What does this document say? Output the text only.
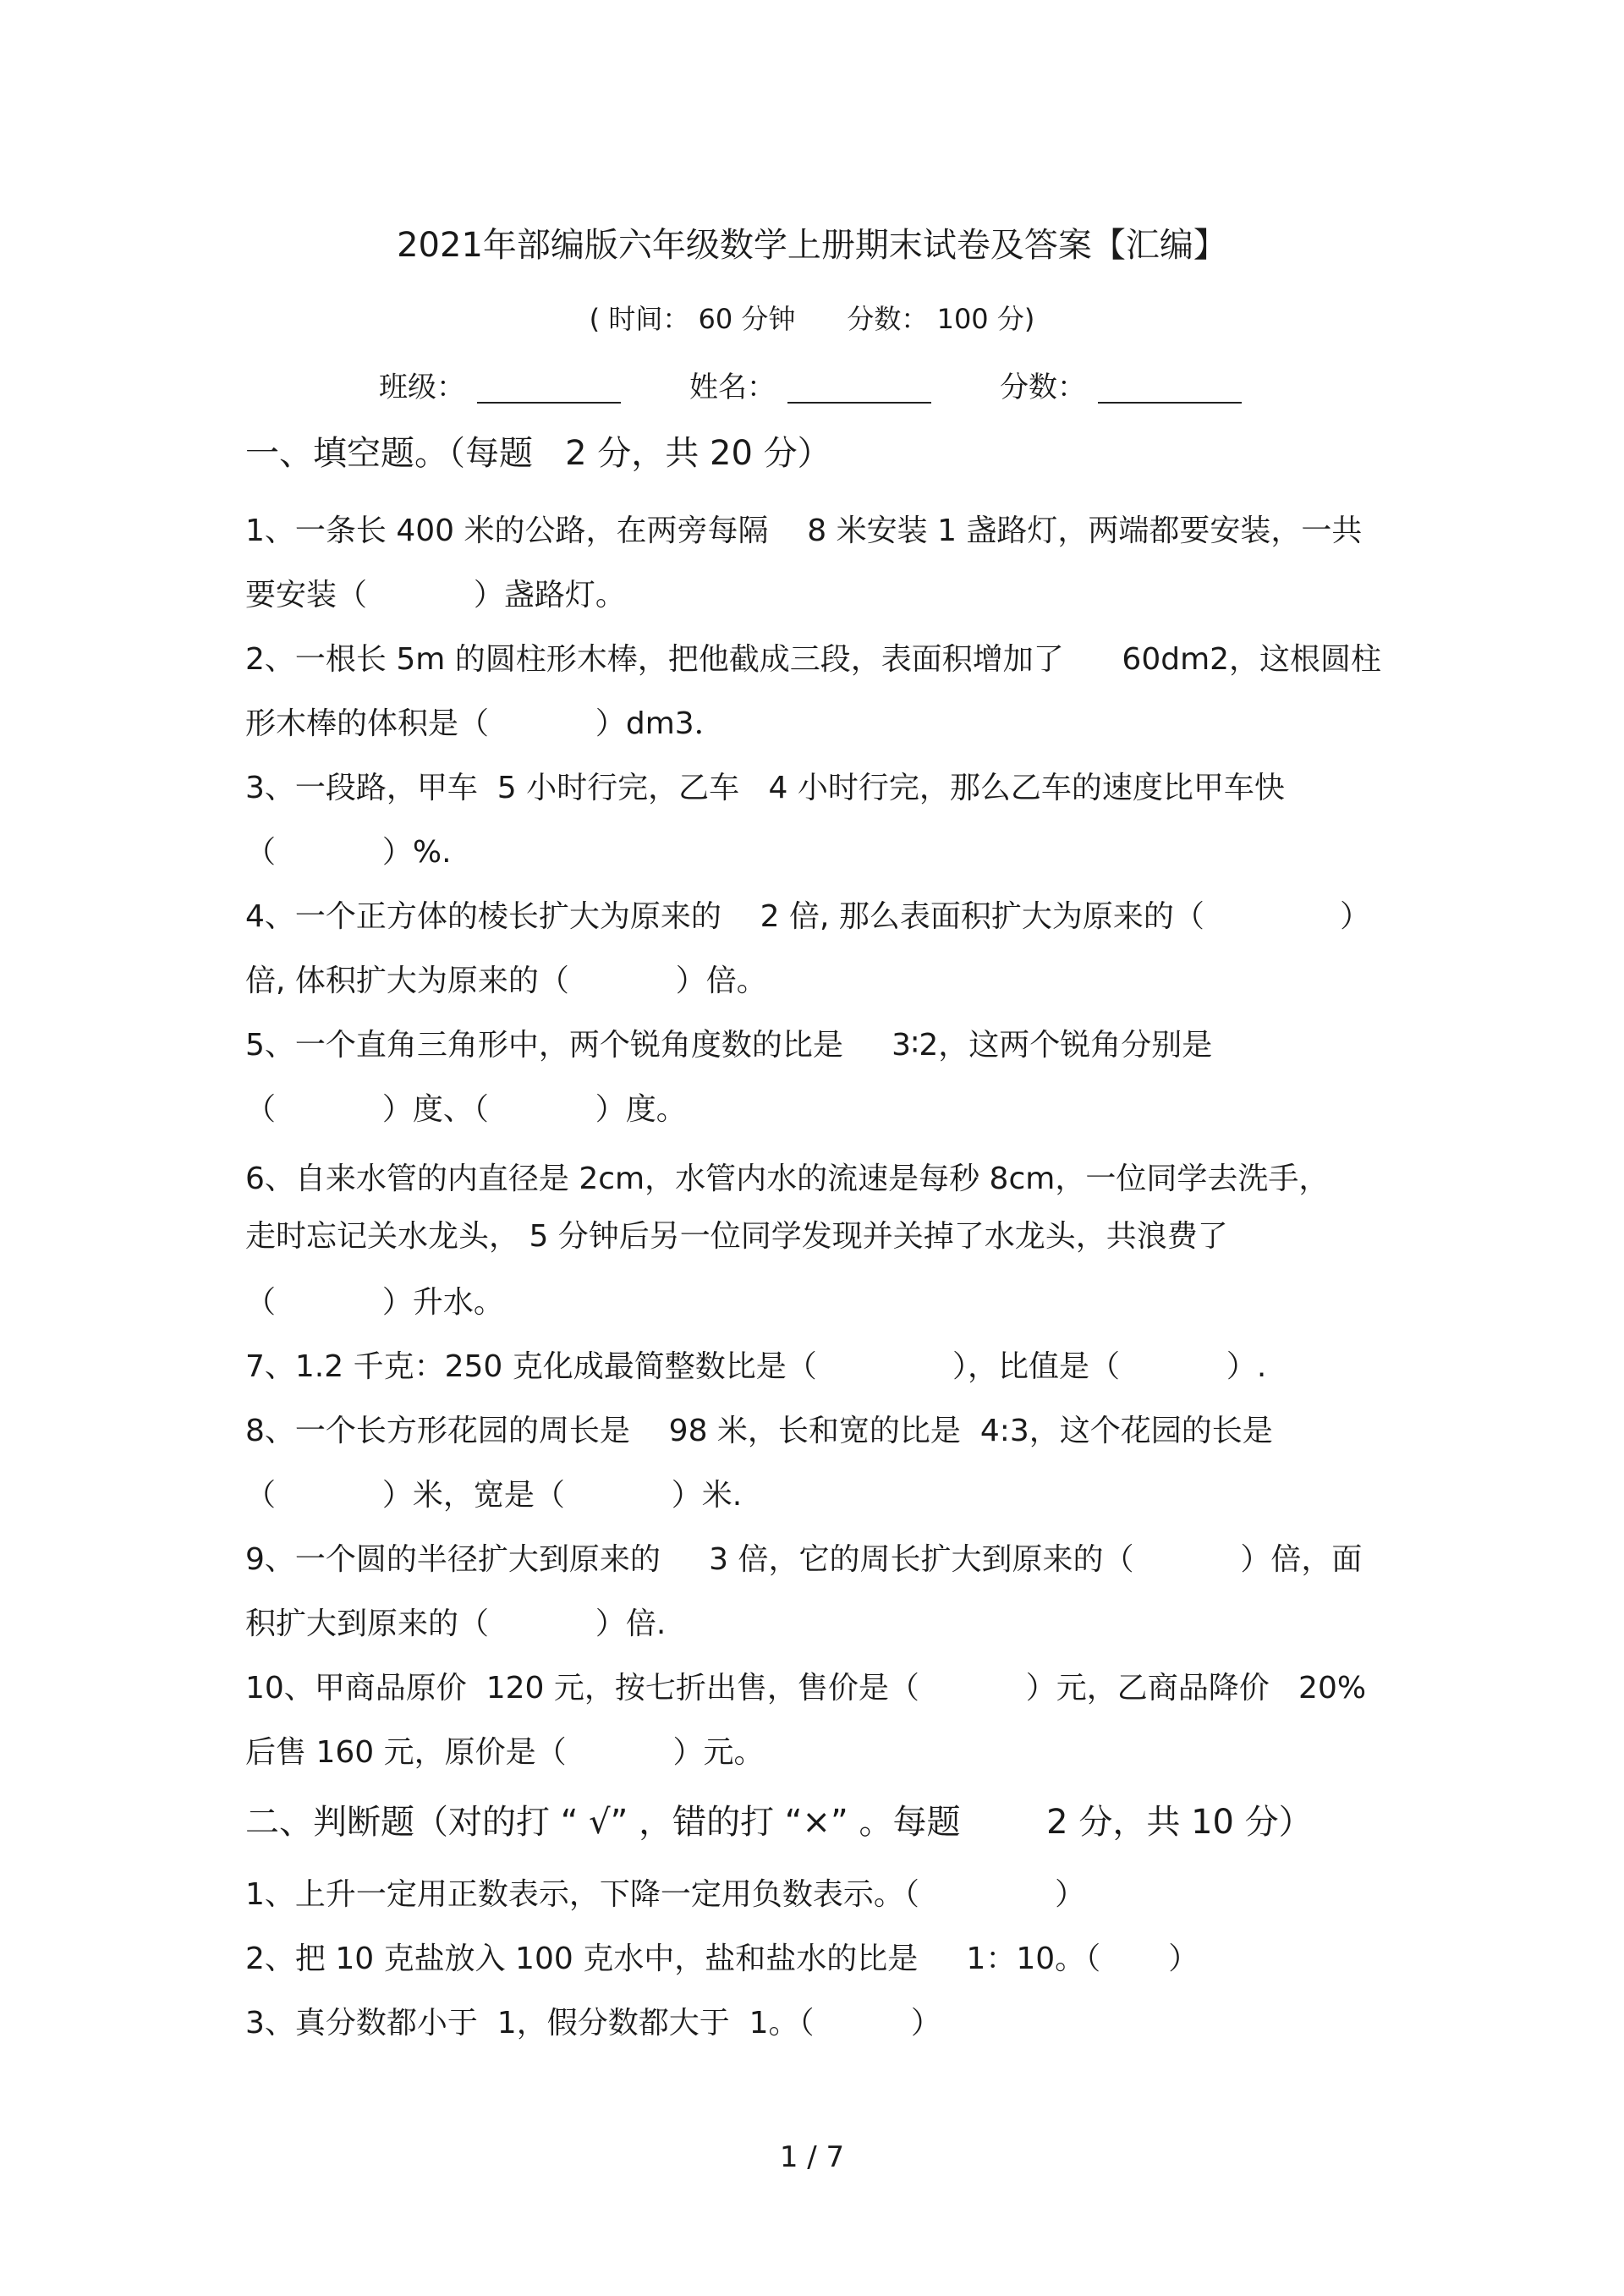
2021年部编版六年级数学上册期末试卷及答案【汇编】
( 时间： 60 分钟      分数： 100 分)
班级：	姓名：	分数：
一、填空题。（每题   2 分，共 20 分）
1、一条长 400 米的公路，在两旁每隔    8 米安装 1 盏路灯，两端都要安装，一共
要安装（           ）盏路灯。
2、一根长 5m 的圆柱形木棒，把他截成三段，表面积增加了      60dm2，这根圆柱
形木棒的体积是（           ）dm3．
3、一段路，甲车  5 小时行完，乙车   4 小时行完，那么乙车的速度比甲车快
（           ）%.
4、一个正方体的棱长扩大为原来的    2 倍, 那么表面积扩大为原来的（              ）
倍, 体积扩大为原来的（           ）倍。
5、一个直角三角形中，两个锐角度数的比是     3∶2，这两个锐角分别是
（           ）度、（           ）度。
6、自来水管的内直径是 2cm，水管内水的流速是每秒 8cm，一位同学去洗手，
走时忘记关水龙头， 5 分钟后另一位同学发现并关掉了水龙头，共浪费了
（           ）升水。
7、1.2 千克：250 克化成最简整数比是（              ），比值是（           ）.
8、一个长方形花园的周长是    98 米，长和宽的比是  4:3，这个花园的长是
（           ）米，宽是（           ）米.
9、一个圆的半径扩大到原来的     3 倍，它的周长扩大到原来的（           ）倍，面
积扩大到原来的（           ）倍.
10、甲商品原价  120 元，按七折出售，售价是（           ）元，乙商品降价   20%
后售 160 元，原价是（           ）元。
二、判断题（对的打 “ √” ，错的打 “×” 。每题        2 分，共 10 分）
1、上升一定用正数表示，下降一定用负数表示。（              ）
2、把 10 克盐放入 100 克水中，盐和盐水的比是     1：10。（       ）
3、真分数都小于  1，假分数都大于  1。（          ）
1 / 7
